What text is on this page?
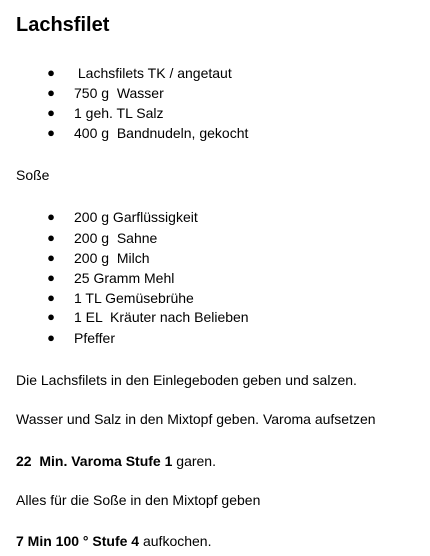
Lachsfilet
● Lachsfilets TK / angetaut
● 750 g  Wasser
● 1 geh. TL Salz
● 400 g  Bandnudeln, gekocht
Soße
● 200 g Garflüssigkeit
● 200 g  Sahne
● 200 g  Milch
● 25 Gramm Mehl
● 1 TL Gemüsebrühe
● 1 EL  Kräuter nach Belieben
● Pfeffer
Die Lachsfilets in den Einlegeboden geben und salzen.
Wasser und Salz in den Mixtopf geben. Varoma aufsetzen
22  Min. Varoma Stufe 1 garen.
Alles für die Soße in den Mixtopf geben
7 Min 100 ° Stufe 4 aufkochen.
